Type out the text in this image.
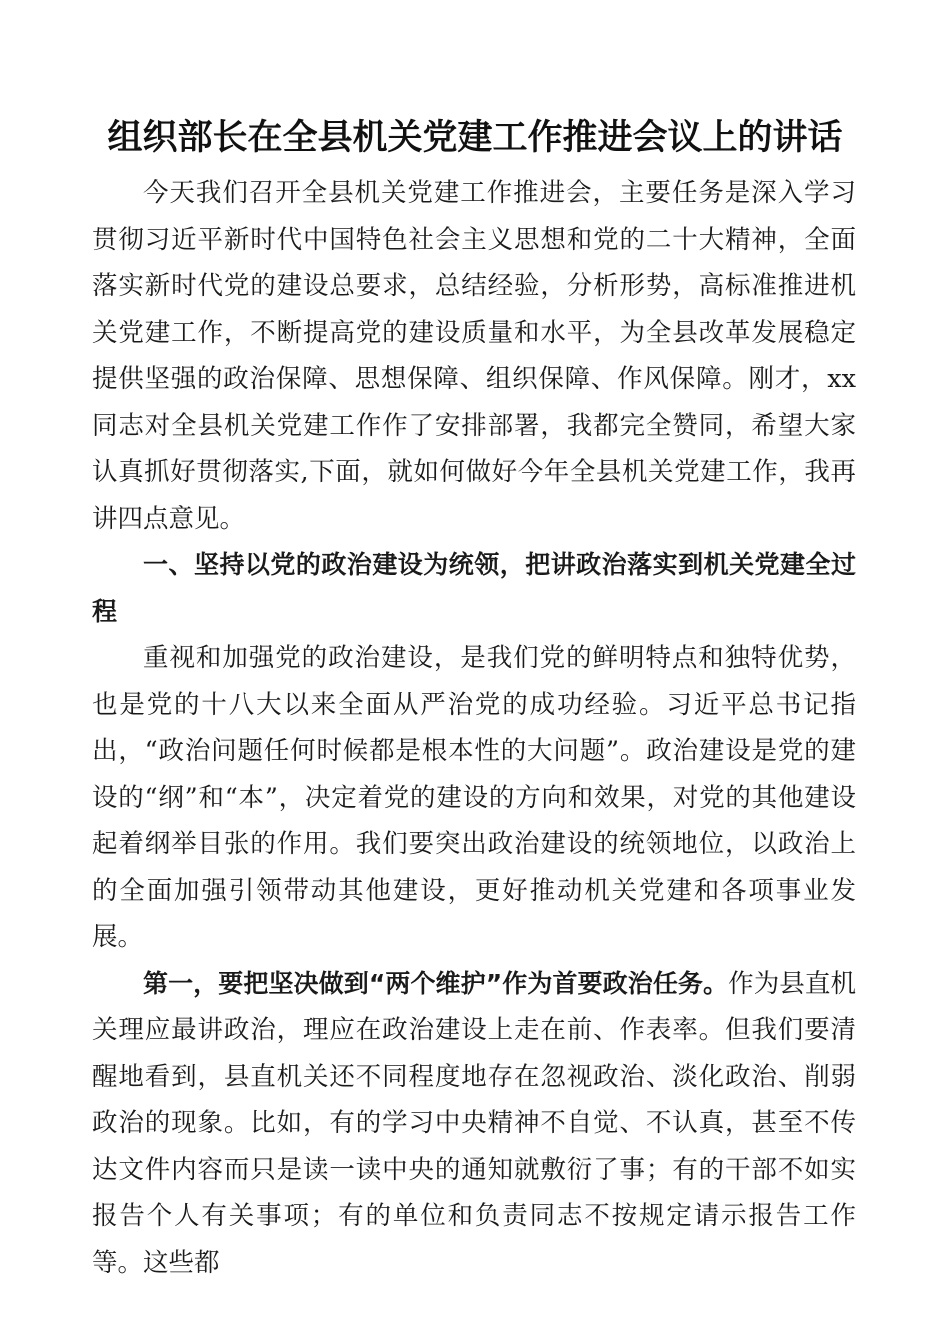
组织部长在全县机关党建工作推进会议上的讲话

今天我们召开全县机关党建工作推进会，主要任务是深入学习贯彻习近平新时代中国特色社会主义思想和党的二十大精神，全面落实新时代党的建设总要求，总结经验，分析形势，高标准推进机关党建工作，不断提高党的建设质量和水平，为全县改革发展稳定提供坚强的政治保障、思想保障、组织保障、作风保障。刚才，xx同志对全县机关党建工作作了安排部署，我都完全赞同，希望大家认真抓好贯彻落实,下面，就如何做好今年全县机关党建工作，我再讲四点意见。

一、坚持以党的政治建设为统领，把讲政治落实到机关党建全过程

重视和加强党的政治建设，是我们党的鲜明特点和独特优势，也是党的十八大以来全面从严治党的成功经验。习近平总书记指出，“政治问题任何时候都是根本性的大问题”。政治建设是党的建设的“纲”和“本”，决定着党的建设的方向和效果，对党的其他建设起着纲举目张的作用。我们要突出政治建设的统领地位，以政治上的全面加强引领带动其他建设，更好推动机关党建和各项事业发展。

第一，要把坚决做到“两个维护”作为首要政治任务。作为县直机关理应最讲政治，理应在政治建设上走在前、作表率。但我们要清醒地看到，县直机关还不同程度地存在忽视政治、淡化政治、削弱政治的现象。比如，有的学习中央精神不自觉、不认真，甚至不传达文件内容而只是读一读中央的通知就敷衍了事；有的干部不如实报告个人有关事项；有的单位和负责同志不按规定请示报告工作等。这些都
